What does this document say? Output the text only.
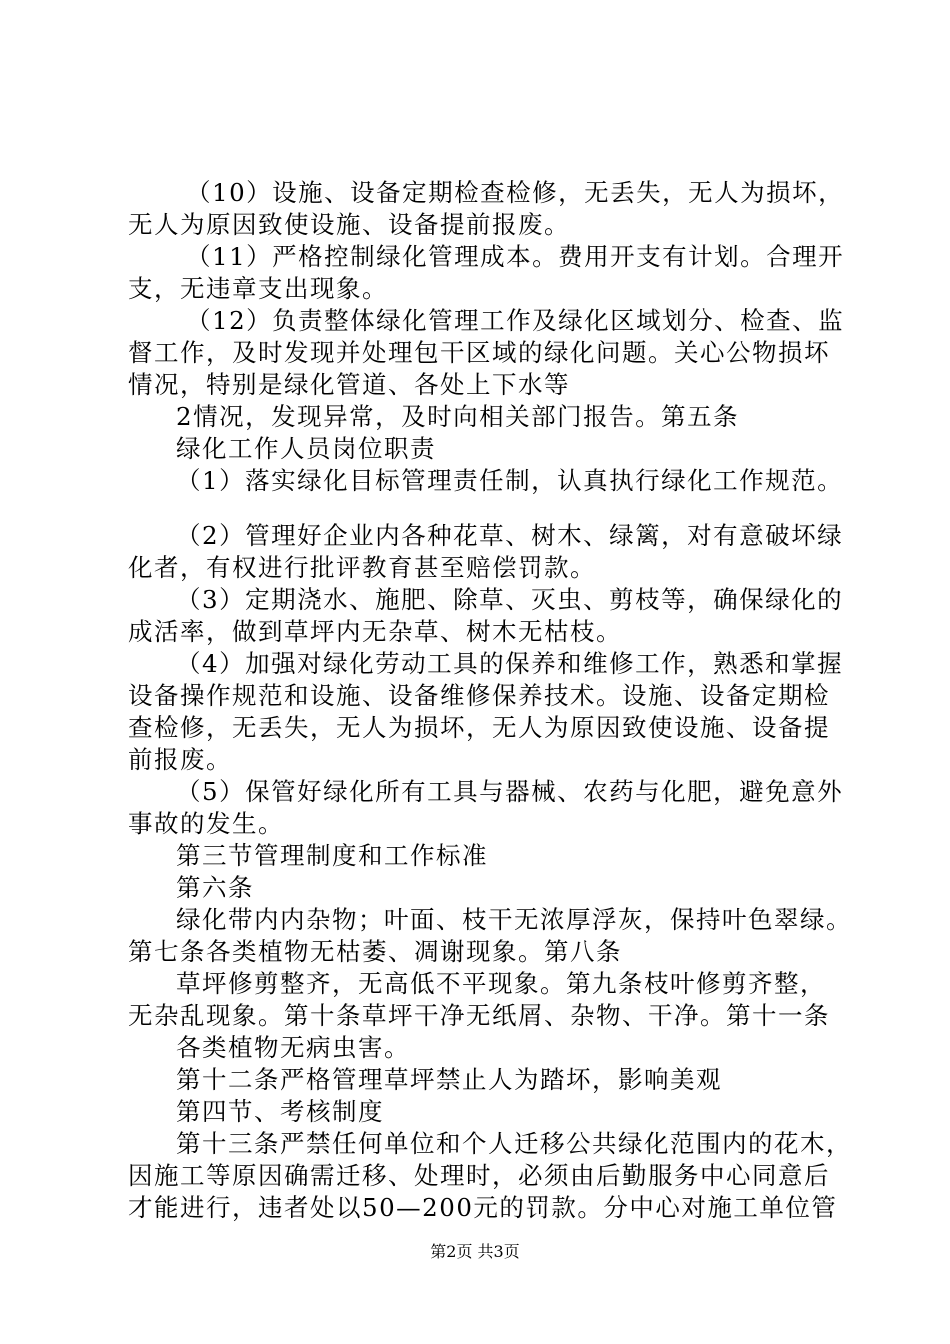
（10）设施、设备定期检查检修，无丢失，无人为损坏，
无人为原因致使设施、设备提前报废。
（11）严格控制绿化管理成本。费用开支有计划。合理开
支，无违章支出现象。
（12）负责整体绿化管理工作及绿化区域划分、检查、监
督工作，及时发现并处理包干区域的绿化问题。关心公物损坏
情况，特别是绿化管道、各处上下水等
2情况，发现异常，及时向相关部门报告。第五条
绿化工作人员岗位职责
（1）落实绿化目标管理责任制，认真执行绿化工作规范。
（2）管理好企业内各种花草、树木、绿篱，对有意破坏绿
化者，有权进行批评教育甚至赔偿罚款。
（3）定期浇水、施肥、除草、灭虫、剪枝等，确保绿化的
成活率，做到草坪内无杂草、树木无枯枝。
（4）加强对绿化劳动工具的保养和维修工作，熟悉和掌握
设备操作规范和设施、设备维修保养技术。设施、设备定期检
查检修，无丢失，无人为损坏，无人为原因致使设施、设备提
前报废。
（5）保管好绿化所有工具与器械、农药与化肥，避免意外
事故的发生。
第三节管理制度和工作标准
第六条
绿化带内内杂物；叶面、枝干无浓厚浮灰，保持叶色翠绿。
第七条各类植物无枯萎、凋谢现象。第八条
草坪修剪整齐，无高低不平现象。第九条枝叶修剪齐整，
无杂乱现象。第十条草坪干净无纸屑、杂物、干净。第十一条
各类植物无病虫害。
第十二条严格管理草坪禁止人为踏坏，影响美观
第四节、考核制度
第十三条严禁任何单位和个人迁移公共绿化范围内的花木，
因施工等原因确需迁移、处理时，必须由后勤服务中心同意后
才能进行，违者处以50—200元的罚款。分中心对施工单位管
第2页 共3页
